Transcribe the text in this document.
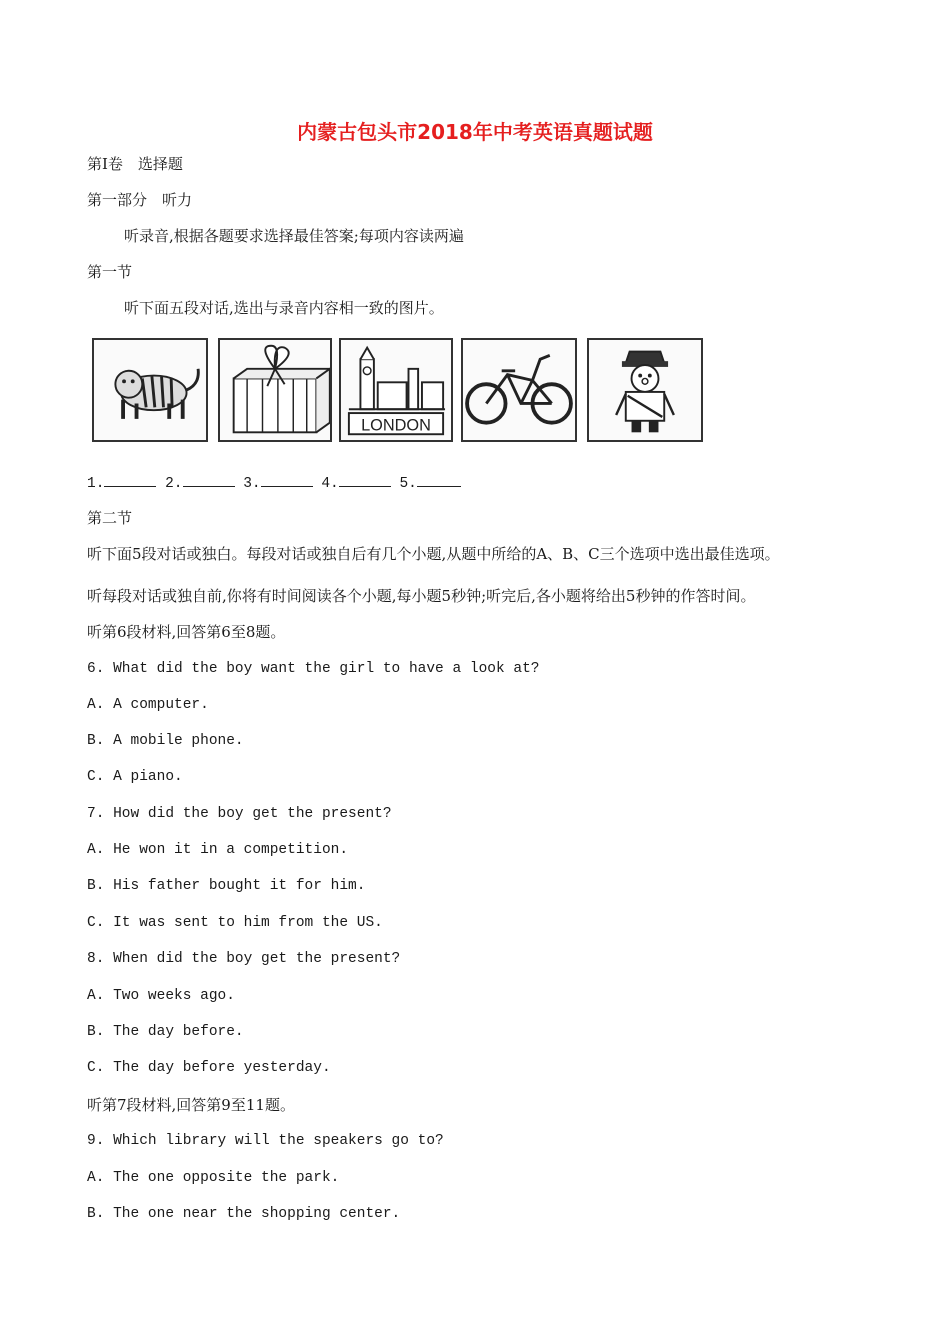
内蒙古包头市2018年中考英语真题试题
第Ⅰ卷　选择题
第一部分　听力
听录音,根据各题要求选择最佳答案;每项内容读两遍
第一节
听下面五段对话,选出与录音内容相一致的图片。
LONDON
1.	2.	3.	4.	5.
第二节
听下面5段对话或独白。每段对话或独自后有几个小题,从题中所给的A、B、C三个选项中选出最佳选项。
听每段对话或独自前,你将有时间阅读各个小题,每小题5秒钟;听完后,各小题将给出5秒钟的作答时间。
听第6段材料,回答第6至8题。
6. What did the boy want the girl to have a look at?
A. A computer.
B. A mobile phone.
C. A piano.
7. How did the boy get the present?
A. He won it in a competition.
B. His father bought it for him.
C. It was sent to him from the US.
8. When did the boy get the present?
A. Two weeks ago.
B. The day before.
C. The day before yesterday.
听第7段材料,回答第9至11题。
9. Which library will the speakers go to?
A. The one opposite the park.
B. The one near the shopping center.
